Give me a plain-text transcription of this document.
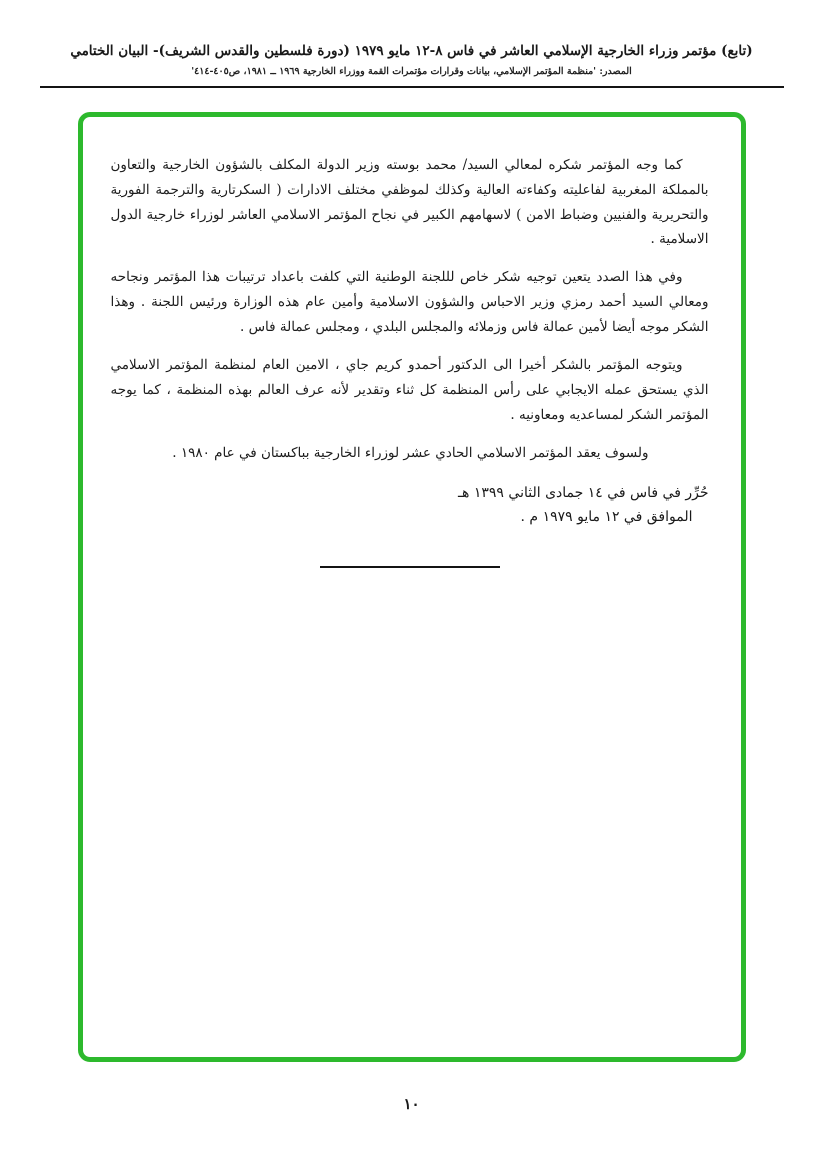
(تابع) مؤتمر وزراء الخارجية الإسلامي العاشر في فاس ٨-١٢ مايو ١٩٧٩ (دورة فلسطين والقدس الشريف)- البيان الختامي
المصدر: 'منظمة المؤتمر الإسلامي، بيانات وقرارات مؤتمرات القمة ووزراء الخارجية ١٩٦٩ ــ ١٩٨١، ص٤٠٥-٤١٤'

كما وجه المؤتمر شكره لمعالي السيد/ محمد بوسته وزير الدولة المكلف بالشؤون الخارجية والتعاون بالمملكة المغربية لفاعليته وكفاءته العالية وكذلك لموظفي مختلف الادارات ( السكرتارية والترجمة الفورية والتحريرية والفنيين وضباط الامن ) لاسهامهم الكبير في نجاح المؤتمر الاسلامي العاشر لوزراء خارجية الدول الاسلامية .

وفي هذا الصدد يتعين توجيه شكر خاص لللجنة الوطنية التي كلفت باعداد ترتيبات هذا المؤتمر ونجاحه ومعالي السيد أحمد رمزي وزير الاحباس والشؤون الاسلامية وأمين عام هذه الوزارة ورئيس اللجنة . وهذا الشكر موجه أيضا لأمين عمالة فاس وزملائه والمجلس البلدي ، ومجلس عمالة فاس .

ويتوجه المؤتمر بالشكر أخيرا الى الدكتور أحمدو كريم جاي ، الامين العام لمنظمة المؤتمر الاسلامي الذي يستحق عمله الايجابي على رأس المنظمة كل ثناء وتقدير لأنه عرف العالم بهذه المنظمة ، كما يوجه المؤتمر الشكر لمساعديه ومعاونيه .

ولسوف يعقد المؤتمر الاسلامي الحادي عشر لوزراء الخارجية بباكستان في عام ١٩٨٠ .

حُرِّر في فاس في ١٤ جمادى الثاني ١٣٩٩ هـ

الموافق في ١٢ مايو ١٩٧٩ م .

١٠
